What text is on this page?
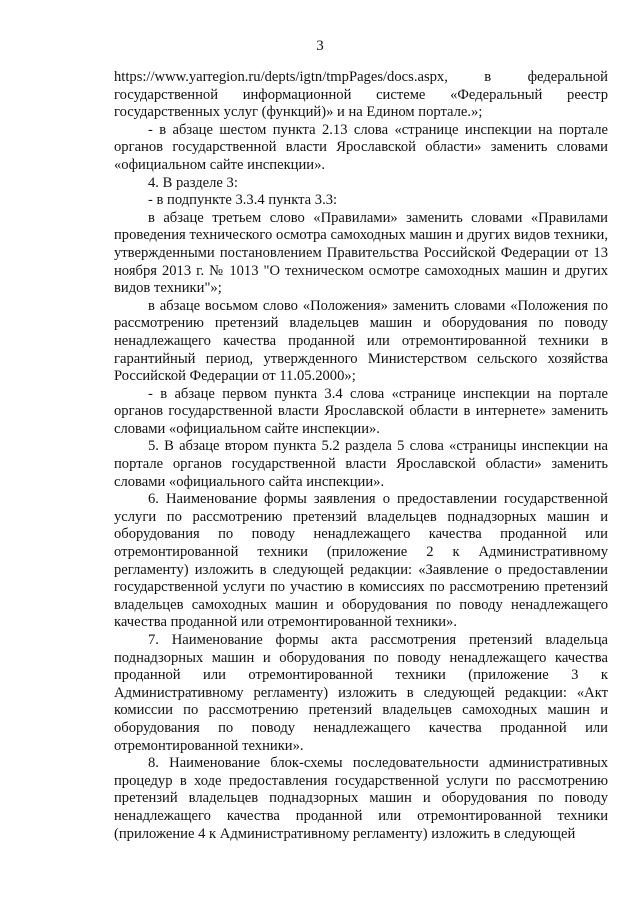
3

https://www.yarregion.ru/depts/igtn/tmpPages/docs.aspx, в федеральной государственной информационной системе «Федеральный реестр государственных услуг (функций)» и на Едином портале.»;

- в абзаце шестом пункта 2.13 слова «странице инспекции на портале органов государственной власти Ярославской области» заменить словами «официальном сайте инспекции».

4. В разделе 3:

- в подпункте 3.3.4 пункта 3.3:

в абзаце третьем слово «Правилами» заменить словами «Правилами проведения технического осмотра самоходных машин и других видов техники, утвержденными постановлением Правительства Российской Федерации от 13 ноября 2013 г. № 1013 "О техническом осмотре самоходных машин и других видов техники"»;

в абзаце восьмом слово «Положения» заменить словами «Положения по рассмотрению претензий владельцев машин и оборудования по поводу ненадлежащего качества проданной или отремонтированной техники в гарантийный период, утвержденного Министерством сельского хозяйства Российской Федерации от 11.05.2000»;

- в абзаце первом пункта 3.4 слова «странице инспекции на портале органов государственной власти Ярославской области в интернете» заменить словами «официальном сайте инспекции».

5. В абзаце втором пункта 5.2 раздела 5 слова «страницы инспекции на портале органов государственной власти Ярославской области» заменить словами «официального сайта инспекции».

6. Наименование формы заявления о предоставлении государственной услуги по рассмотрению претензий владельцев поднадзорных машин и оборудования по поводу ненадлежащего качества проданной или отремонтированной техники (приложение 2 к Административному регламенту) изложить в следующей редакции: «Заявление о предоставлении государственной услуги по участию в комиссиях по рассмотрению претензий владельцев самоходных машин и оборудования по поводу ненадлежащего качества проданной или отремонтированной техники».

7. Наименование формы акта рассмотрения претензий владельца поднадзорных машин и оборудования по поводу ненадлежащего качества проданной или отремонтированной техники (приложение 3 к Административному регламенту) изложить в следующей редакции: «Акт комиссии по рассмотрению претензий владельцев самоходных машин и оборудования по поводу ненадлежащего качества проданной или отремонтированной техники».

8. Наименование блок-схемы последовательности административных процедур в ходе предоставления государственной услуги по рассмотрению претензий владельцев поднадзорных машин и оборудования по поводу ненадлежащего качества проданной или отремонтированной техники (приложение 4 к Административному регламенту) изложить в следующей
